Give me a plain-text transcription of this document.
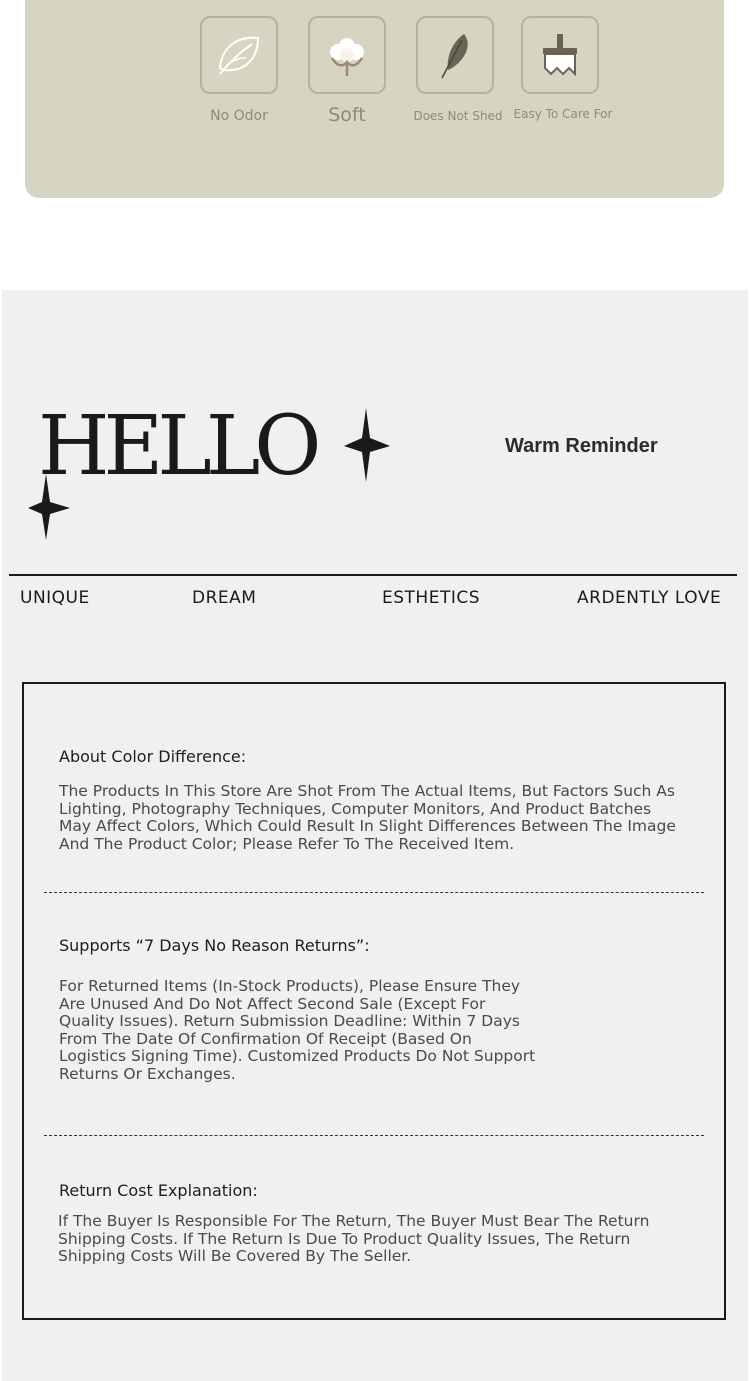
No Odor	Soft	Does Not Shed Easy To Care For
HELLO	Warm Reminder
UNIQUE	DREAM	ESTHETICS	ARDENTLY LOVE
About Color Difference:

The Products In This Store Are Shot From The Actual Items, But Factors Such As Lighting, Photography Techniques, Computer Monitors, And Product Batches May Affect Colors, Which Could Result In Slight Differences Between The Image And The Product Color; Please Refer To The Received Item.

Supports “7 Days No Reason Returns”:

For Returned Items (In-Stock Products), Please Ensure They Are Unused And Do Not Affect Second Sale (Except For Quality Issues). Return Submission Deadline: Within 7 Days From The Date Of Confirmation Of Receipt (Based On Logistics Signing Time). Customized Products Do Not Support Returns Or Exchanges.

Return Cost Explanation:

If The Buyer Is Responsible For The Return, The Buyer Must Bear The Return Shipping Costs. If The Return Is Due To Product Quality Issues, The Return Shipping Costs Will Be Covered By The Seller.
